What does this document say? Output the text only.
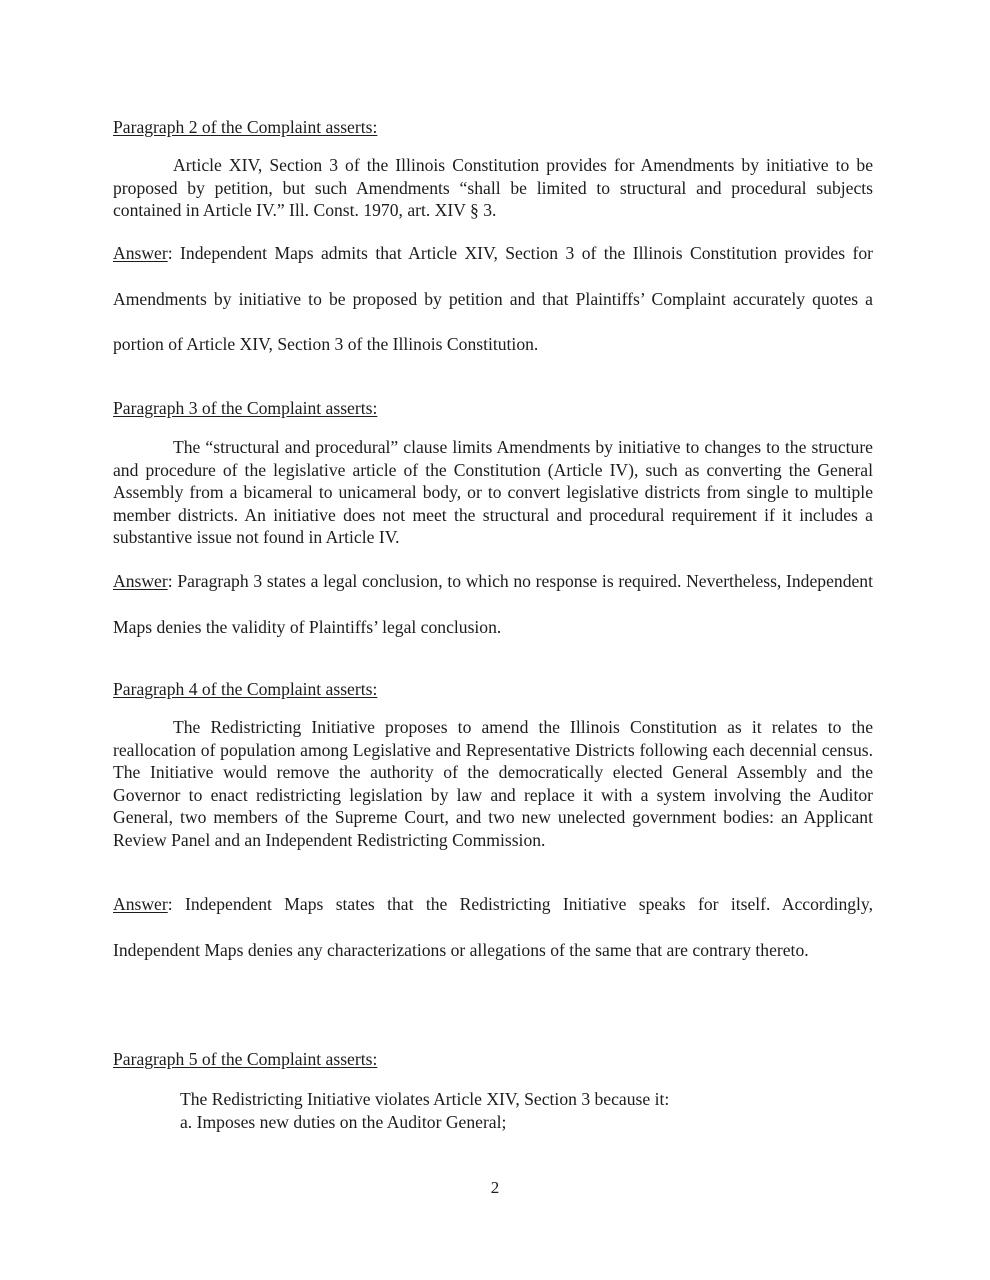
Paragraph 2 of the Complaint asserts:
Article XIV, Section 3 of the Illinois Constitution provides for Amendments by initiative to be proposed by petition, but such Amendments “shall be limited to structural and procedural subjects contained in Article IV.” Ill. Const. 1970, art. XIV § 3.
Answer: Independent Maps admits that Article XIV, Section 3 of the Illinois Constitution provides for Amendments by initiative to be proposed by petition and that Plaintiffs’ Complaint accurately quotes a portion of Article XIV, Section 3 of the Illinois Constitution.
Paragraph 3 of the Complaint asserts:
The “structural and procedural” clause limits Amendments by initiative to changes to the structure and procedure of the legislative article of the Constitution (Article IV), such as converting the General Assembly from a bicameral to unicameral body, or to convert legislative districts from single to multiple member districts. An initiative does not meet the structural and procedural requirement if it includes a substantive issue not found in Article IV.
Answer: Paragraph 3 states a legal conclusion, to which no response is required. Nevertheless, Independent Maps denies the validity of Plaintiffs’ legal conclusion.
Paragraph 4 of the Complaint asserts:
The Redistricting Initiative proposes to amend the Illinois Constitution as it relates to the reallocation of population among Legislative and Representative Districts following each decennial census. The Initiative would remove the authority of the democratically elected General Assembly and the Governor to enact redistricting legislation by law and replace it with a system involving the Auditor General, two members of the Supreme Court, and two new unelected government bodies: an Applicant Review Panel and an Independent Redistricting Commission.
Answer: Independent Maps states that the Redistricting Initiative speaks for itself. Accordingly, Independent Maps denies any characterizations or allegations of the same that are contrary thereto.
Paragraph 5 of the Complaint asserts:
The Redistricting Initiative violates Article XIV, Section 3 because it:
a. Imposes new duties on the Auditor General;
2
